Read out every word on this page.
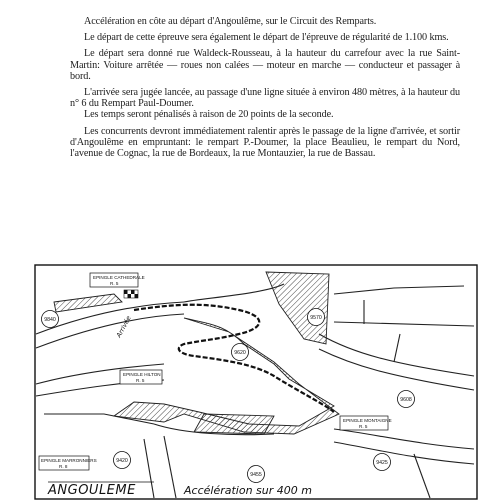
Accélération en côte au départ d'Angoulême, sur le Circuit des Remparts.

Le départ de cette épreuve sera également le départ de l'épreuve de régularité de 1.100 kms.

Le départ sera donné rue Waldeck-Rousseau, à la hauteur du carrefour avec la rue Saint-Martin: Voiture arrêtée — roues non calées — moteur en marche — conducteur et passager à bord.

L'arrivée sera jugée lancée, au passage d'une ligne située à environ 480 mètres, à la hauteur du n° 6 du Rempart Paul-Doumer.

Les temps seront pénalisés à raison de 20 points de la seconde.

Les concurrents devront immédiatement ralentir après le passage de la ligne d'arrivée, et sortir d'Angoulême en empruntant: le rempart P.-Doumer, la place Beaulieu, le rempart du Nord, l'avenue de Cognac, la rue de Bordeaux, la rue Montauzier, la rue de Bassau.

Arrivée
EPINGLE CATHEDRALE
R. 5
EPINGLE HILTON
R. 5
EPINGLE MONTAIGNE
R. 5
EPINGLE MARRONNIERS
R. 8
9840	9570
9620
9420
9608
9425
9455
ANGOULEME	Accélération sur 400 m
